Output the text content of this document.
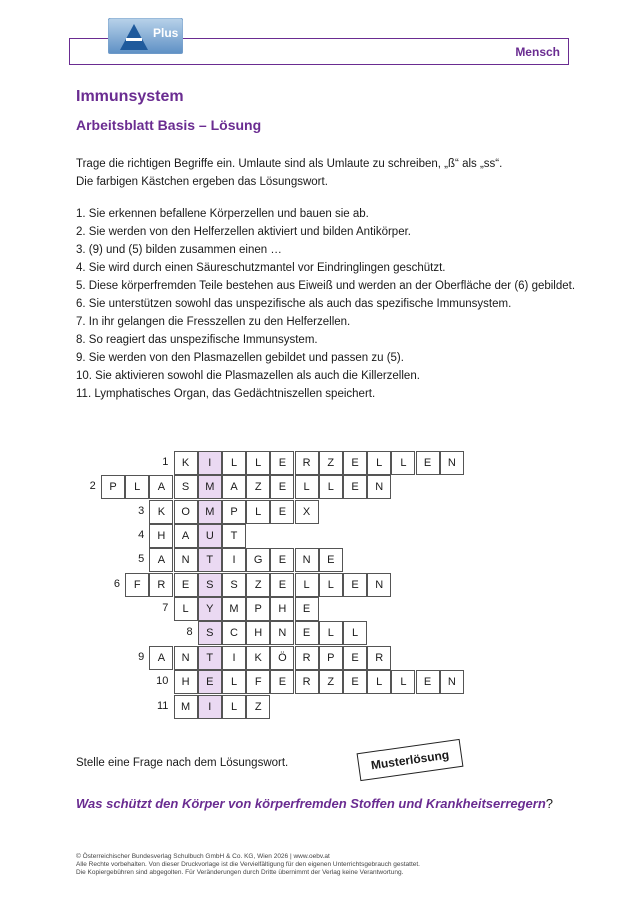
Mensch
Plus
Immunsystem
Arbeitsblatt Basis – Lösung

Trage die richtigen Begriffe ein. Umlaute sind als Umlaute zu schreiben, „ß“ als „ss“.
Die farbigen Kästchen ergeben das Lösungswort.

1. Sie erkennen befallene Körperzellen und bauen sie ab.
2. Sie werden von den Helferzellen aktiviert und bilden Antikörper.
3. (9) und (5) bilden zusammen einen …
4. Sie wird durch einen Säureschutzmantel vor Eindringlingen geschützt.
5. Diese körperfremden Teile bestehen aus Eiweiß und werden an der Oberfläche der (6) gebildet.
6. Sie unterstützen sowohl das unspezifische als auch das spezifische Immunsystem.
7. In ihr gelangen die Fresszellen zu den Helferzellen.
8. So reagiert das unspezifische Immunsystem.
9. Sie werden von den Plasmazellen gebildet und passen zu (5).
10. Sie aktivieren sowohl die Plasmazellen als auch die Killerzellen.
11. Lymphatisches Organ, das Gedächtniszellen speichert.
1	K	I	L	L	E	R	Z	E	L	L	E	N
2	P	L	A	S	M	A	Z	E	L	L	E	N
3	K	O	M	P	L	E	X
4	H	A	U	T
5	A	N	T	I	G	E	N	E
6	F	R	E	S	S	Z	E	L	L	E	N
7	L	Y	M	P	H	E
8	S	C	H	N	E	L	L
9	A	N	T	I	K	Ö	R	P	E	R
10	H	E	L	F	E	R	Z	E	L	L	E	N
11	M	I	L	Z

Stelle eine Frage nach dem Lösungswort.	Musterlösung

Was schützt den Körper von körperfremden Stoffen und Krankheitserregern?

© Österreichischer Bundesverlag Schulbuch GmbH & Co. KG, Wien 2026 | www.oebv.at
Alle Rechte vorbehalten. Von dieser Druckvorlage ist die Vervielfältigung für den eigenen Unterrichtsgebrauch gestattet.
Die Kopiergebühren sind abgegolten. Für Veränderungen durch Dritte übernimmt der Verlag keine Verantwortung.
